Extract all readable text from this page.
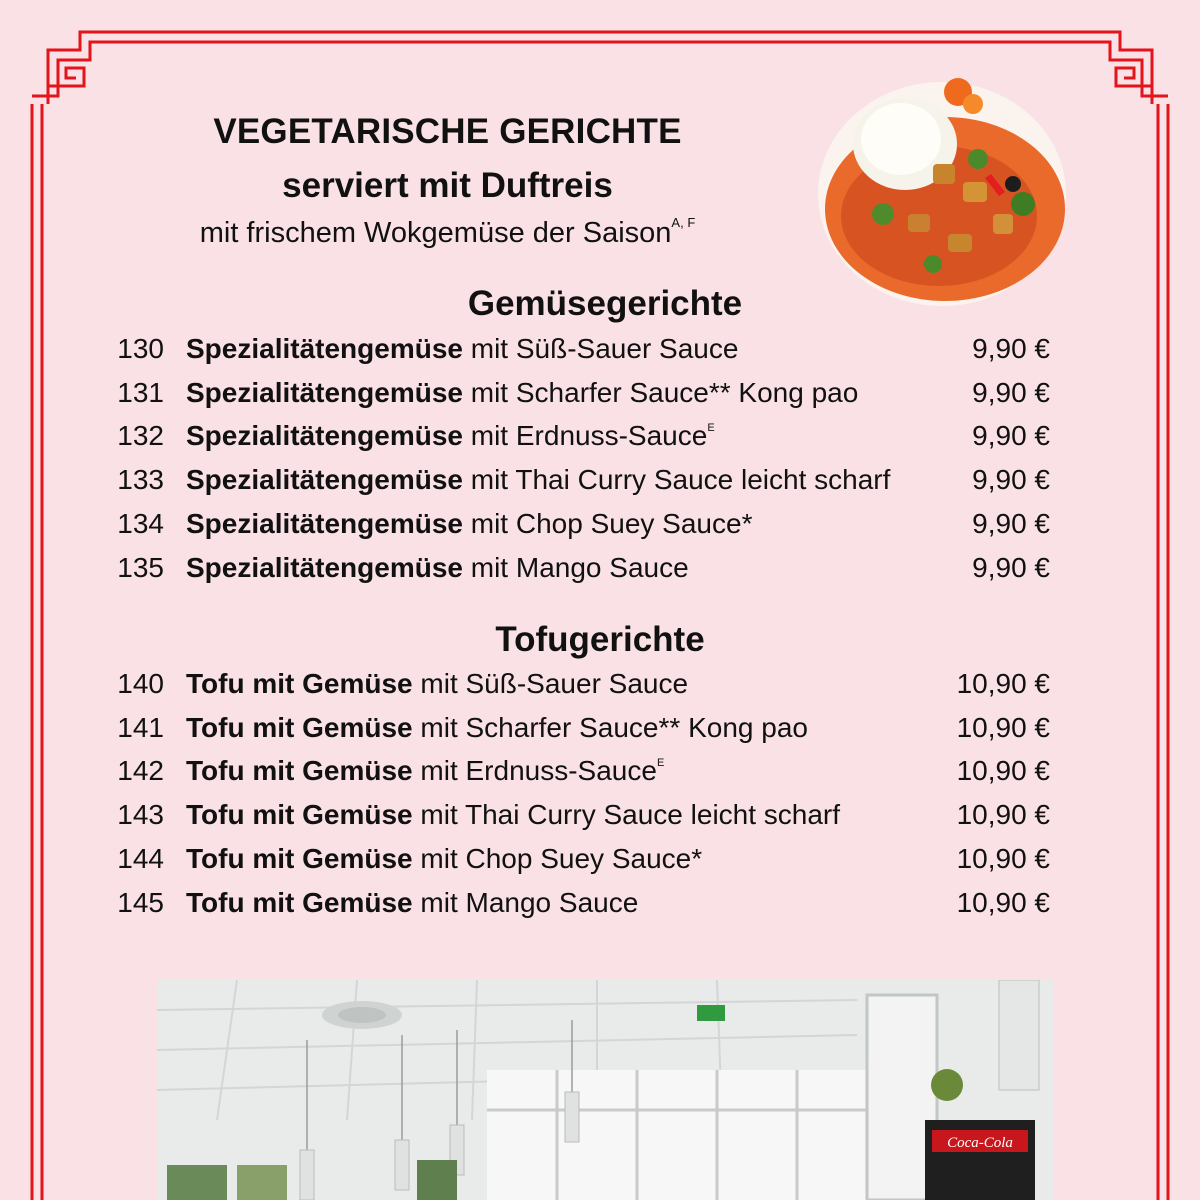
VEGETARISCHE GERICHTE
serviert mit Duftreis
mit frischem Wokgemüse der Saison$^{A, F}$
Gemüsegerichte
130 Spezialitätengemüse mit Süß-Sauer Sauce	9,90 €
131 Spezialitätengemüse mit Scharfer Sauce** Kong pao	9,90 €
132 Spezialitätengemüse mit Erdnuss-Sauce$^E$	9,90 €
133 Spezialitätengemüse mit Thai Curry Sauce leicht scharf	9,90 €
134 Spezialitätengemüse mit Chop Suey Sauce*	9,90 €
135 Spezialitätengemüse mit Mango Sauce	9,90 €
Tofugerichte
140 Tofu mit Gemüse mit Süß-Sauer Sauce	10,90 €
141 Tofu mit Gemüse mit Scharfer Sauce** Kong pao	10,90 €
142 Tofu mit Gemüse mit Erdnuss-Sauce$^E$	10,90 €
143 Tofu mit Gemüse mit Thai Curry Sauce leicht scharf	10,90 €
144 Tofu mit Gemüse mit Chop Suey Sauce*	10,90 €
145 Tofu mit Gemüse mit Mango Sauce	10,90 €
Coca-Cola
